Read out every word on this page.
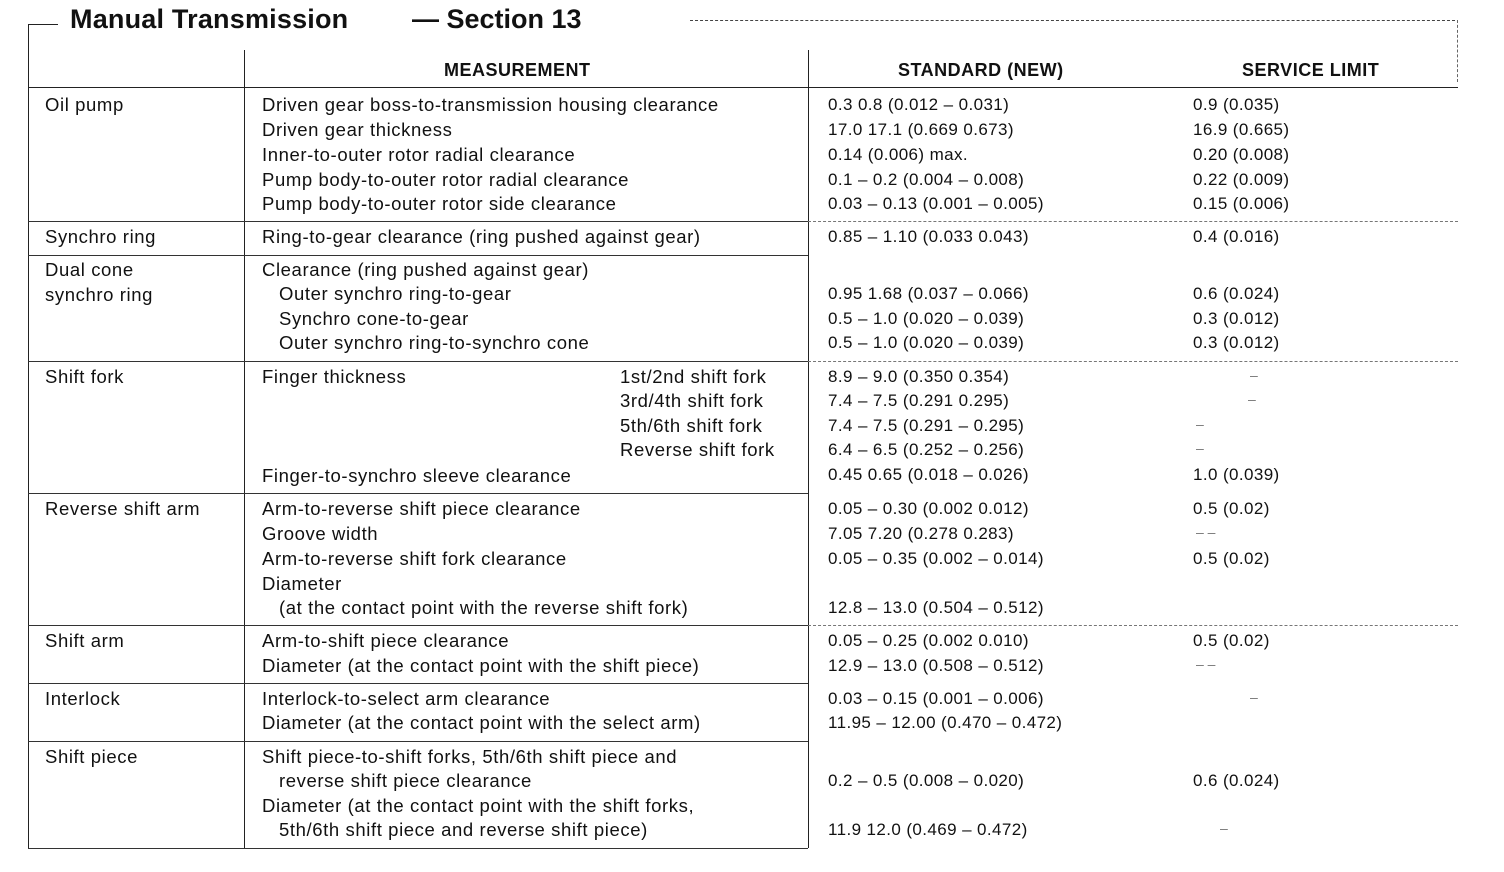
Manual Transmission — Section 13
MEASUREMENT	STANDARD (NEW)	SERVICE LIMIT
Oil pump	Driven gear boss-to-transmission housing clearance	0.3 0.8 (0.012 – 0.031)	0.9 (0.035)
Driven gear thickness	17.0 17.1 (0.669 0.673)	16.9 (0.665)
Inner-to-outer rotor radial clearance	0.14 (0.006) max.	0.20 (0.008)
Pump body-to-outer rotor radial clearance	0.1 – 0.2 (0.004 – 0.008)	0.22 (0.009)
Pump body-to-outer rotor side clearance	0.03 – 0.13 (0.001 – 0.005)	0.15 (0.006)
Synchro ring	Ring-to-gear clearance (ring pushed against gear)	0.85 – 1.10 (0.033 0.043)	0.4 (0.016)
Dual cone
synchro ring
Clearance (ring pushed against gear)
Outer synchro ring-to-gear	0.95 1.68 (0.037 – 0.066)	0.6 (0.024)
Synchro cone-to-gear	0.5 – 1.0 (0.020 – 0.039)	0.3 (0.012)
Outer synchro ring-to-synchro cone	0.5 – 1.0 (0.020 – 0.039)	0.3 (0.012)
Shift fork	Finger thickness	1st/2nd shift fork	8.9 – 9.0 (0.350 0.354)	–
3rd/4th shift fork	7.4 – 7.5 (0.291 0.295)	–
5th/6th shift fork	7.4 – 7.5 (0.291 – 0.295)	–
Reverse shift fork	6.4 – 6.5 (0.252 – 0.256)	–
Finger-to-synchro sleeve clearance	0.45 0.65 (0.018 – 0.026)	1.0 (0.039)
Reverse shift arm	Arm-to-reverse shift piece clearance	0.05 – 0.30 (0.002 0.012)	0.5 (0.02)
Groove width	7.05 7.20 (0.278 0.283)	– –
Arm-to-reverse shift fork clearance	0.05 – 0.35 (0.002 – 0.014)	0.5 (0.02)
Diameter
(at the contact point with the reverse shift fork)	12.8 – 13.0 (0.504 – 0.512)
Shift arm	Arm-to-shift piece clearance	0.05 – 0.25 (0.002 0.010)	0.5 (0.02)
Diameter (at the contact point with the shift piece)	12.9 – 13.0 (0.508 – 0.512)	– –
Interlock	Interlock-to-select arm clearance	0.03 – 0.15 (0.001 – 0.006)	–
Diameter (at the contact point with the select arm)	11.95 – 12.00 (0.470 – 0.472)
Shift piece	Shift piece-to-shift forks, 5th/6th shift piece and
reverse shift piece clearance	0.2 – 0.5 (0.008 – 0.020)	0.6 (0.024)
Diameter (at the contact point with the shift forks,
5th/6th shift piece and reverse shift piece)	11.9 12.0 (0.469 – 0.472)	–
